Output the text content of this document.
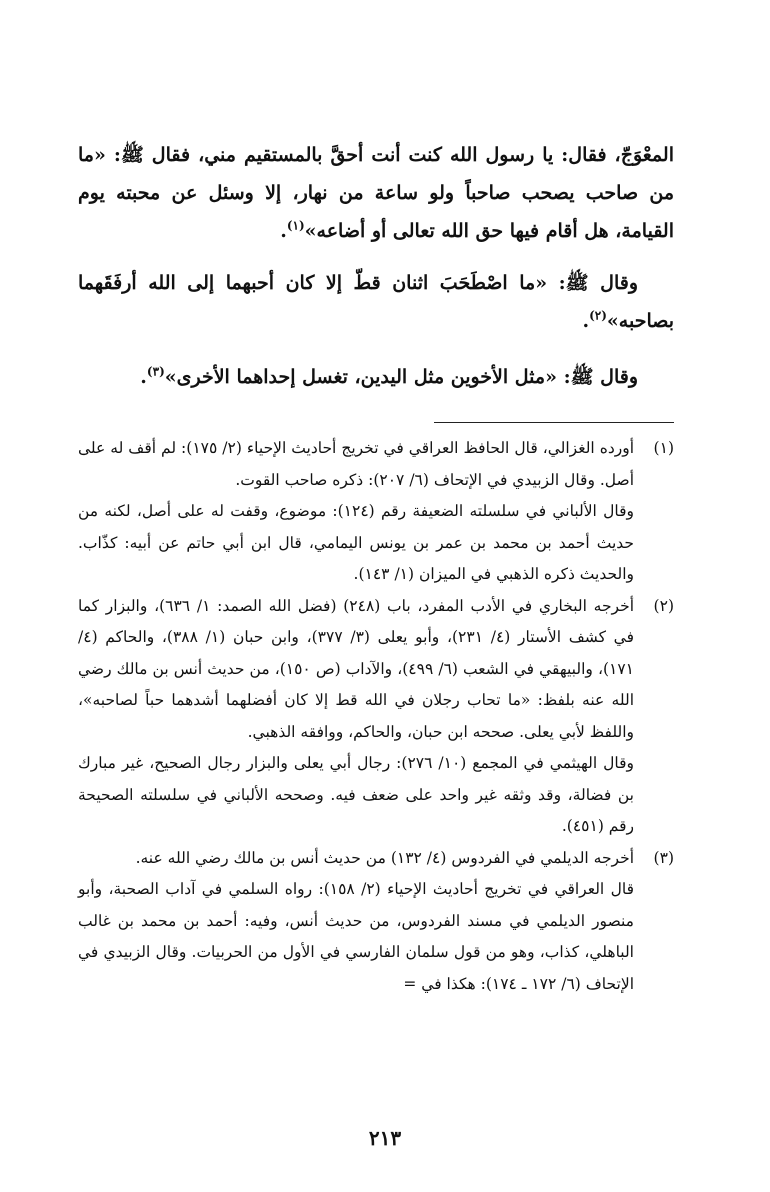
المعْوَجّ، فقال: يا رسول الله كنت أنت أحقَّ بالمستقيم مني، فقال ﷺ: «ما من صاحب يصحب صاحباً ولو ساعة من نهار، إلا وسئل عن محبته يوم القيامة، هل أقام فيها حق الله تعالى أو أضاعه»$^{(١)}$.

وقال ﷺ: «ما اصْطَحَبَ اثنان قطّ إلا كان أحبهما إلى الله أرفَقَهما بصاحبه»$^{(٢)}$.

وقال ﷺ: «مثل الأخوين مثل اليدين، تغسل إحداهما الأخرى»$^{(٣)}$.

(١)

أورده الغزالي، قال الحافظ العراقي في تخريج أحاديث الإحياء (٢/ ١٧٥): لم أقف له على أصل. وقال الزبيدي في الإتحاف (٦/ ٢٠٧): ذكره صاحب القوت.

وقال الألباني في سلسلته الضعيفة رقم (١٢٤): موضوع، وقفت له على أصل، لكنه من حديث أحمد بن محمد بن عمر بن يونس اليمامي، قال ابن أبي حاتم عن أبيه: كذّاب. والحديث ذكره الذهبي في الميزان (١/ ١٤٣).

(٢)

أخرجه البخاري في الأدب المفرد، باب (٢٤٨) (فضل الله الصمد: ١/ ٦٣٦)، والبزار كما في كشف الأستار (٤/ ٢٣١)، وأبو يعلى (٣/ ٣٧٧)، وابن حبان (١/ ٣٨٨)، والحاكم (٤/ ١٧١)، والبيهقي في الشعب (٦/ ٤٩٩)، والآداب (ص ١٥٠)، من حديث أنس بن مالك رضي الله عنه بلفظ: «ما تحاب رجلان في الله قط إلا كان أفضلهما أشدهما حباً لصاحبه»، واللفظ لأبي يعلى. صححه ابن حبان، والحاكم، ووافقه الذهبي.

وقال الهيثمي في المجمع (١٠/ ٢٧٦): رجال أبي يعلى والبزار رجال الصحيح، غير مبارك بن فضالة، وقد وثقه غير واحد على ضعف فيه. وصححه الألباني في سلسلته الصحيحة رقم (٤٥١).

(٣)

أخرجه الديلمي في الفردوس (٤/ ١٣٢) من حديث أنس بن مالك رضي الله عنه.

قال العراقي في تخريج أحاديث الإحياء (٢/ ١٥٨): رواه السلمي في آداب الصحبة، وأبو منصور الديلمي في مسند الفردوس، من حديث أنس، وفيه: أحمد بن محمد بن غالب الباهلي، كذاب، وهو من قول سلمان الفارسي في الأول من الحربيات. وقال الزبيدي في الإتحاف (٦/ ١٧٢ ـ ١٧٤): هكذا في =

٢١٣
